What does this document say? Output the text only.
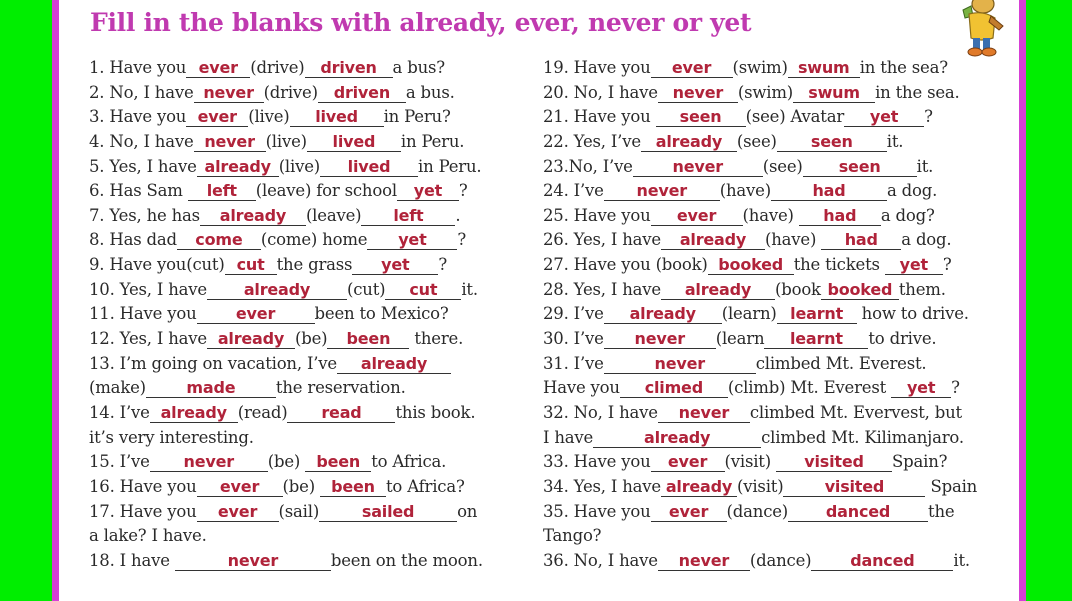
Fill in the blanks with already, ever, never or yet
1. Have you ever (drive) driven a bus?
2. No, I have never (drive) driven a bus.
3. Have you ever (live) lived in Peru?
4. No, I have never (live) lived in Peru.
5. Yes, I have already (live) lived in Peru.
6. Has Sam left (leave) for school yet ?
7. Yes, he has already (leave) left .
8. Has dad come (come) home yet ?
9. Have you(cut) cut the grass yet ?
10. Yes, I have already (cut) cut it.
11. Have you ever been to Mexico?
12. Yes, I have already (be) been there.
13. I’m going on vacation, I’ve already
(make)	made the reservation.
14. I’ve already (read) read this book.
it’s very interesting.
15. I’ve never (be) been to Africa.
16. Have you ever (be) been to Africa?
17. Have you ever (sail)	sailed	on
a lake? I have.
18. I have	never	been on the moon.
19. Have you ever (swim) swum in the sea?
20. No, I have never (swim) swum in the sea.
21. Have you seen (see) Avatar yet ?
22. Yes, I’ve already (see) seen it.
23.No, I’ve never (see) seen it.
24. I’ve never (have)	had	a dog.
25. Have you ever (have) had a dog?
26. Yes, I have already (have) had a dog.
27. Have you (book) booked the tickets yet ?
28. Yes, I have already (book booked them.
29. I’ve already (learn) learnt how to drive.
30. I’ve never (learn learnt to drive.
31. I’ve	never	climbed Mt. Everest.
Have you climed (climb) Mt. Everest yet ?
32. No, I have never climbed Mt. Evervest, but
I have	already	climbed Mt. Kilimanjaro.
33. Have you ever (visit) visited Spain?
34. Yes, I have already (visit)	visited	Spain
35. Have you ever (dance) danced the
Tango?
36. No, I have never (dance) danced it.
